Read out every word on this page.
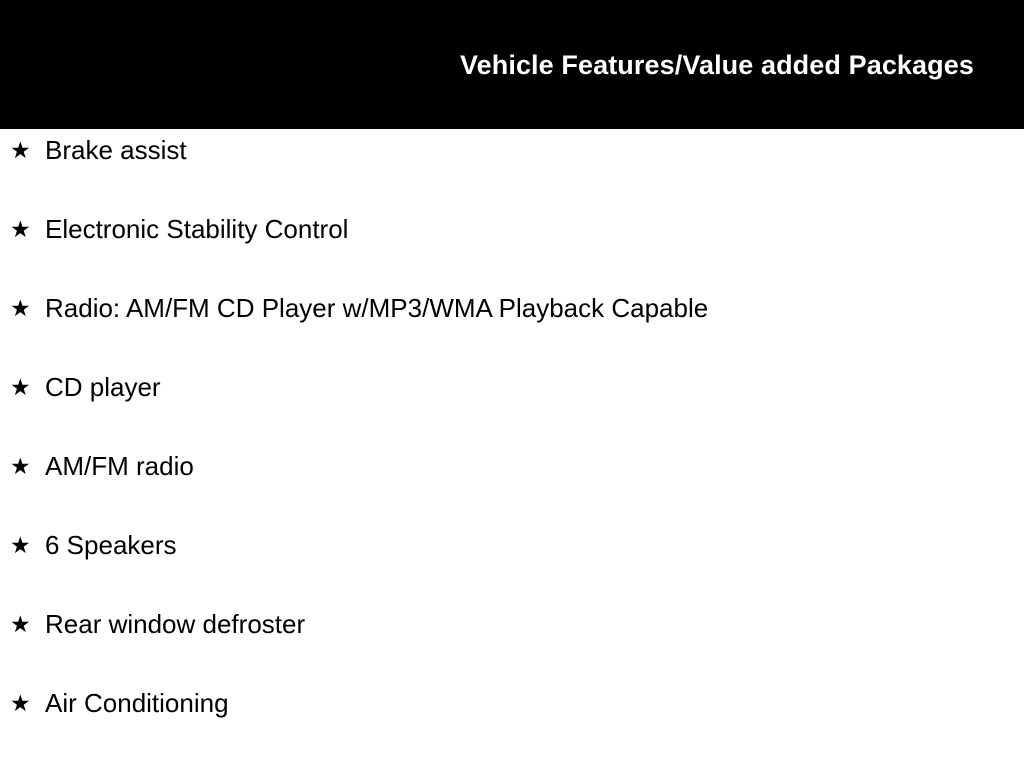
Vehicle Features/Value added Packages
★ Brake assist
★ Electronic Stability Control
★ Radio: AM/FM CD Player w/MP3/WMA Playback Capable
★ CD player
★ AM/FM radio
★ 6 Speakers
★ Rear window defroster
★ Air Conditioning
